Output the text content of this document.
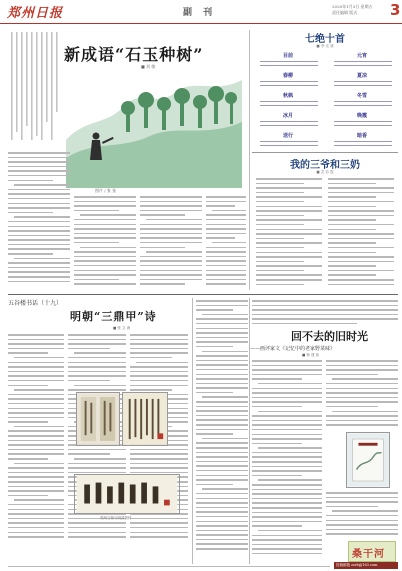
郑州日报	副 刊
2020年1月3日 星期五
责任编辑 版式	3
新成语“石玉种树”
■ 刘 敏
图片 / 张 张
七绝十首
■ 李 光 斌
目前	元宵
春柳	夏凉
秋枫	冬雪
冰月	晚霞
送行	暗香
我的三爷和三奶
■ 武 彩 霞
五谷楼书话（十九）
明朝“三鼎甲”诗
■ 张 文 涛
郑州文物与明清资料
回不去的旧时光
——画评家文《记忆中的老家野菜味》
■ 杨 建 伟
桑干河
投稿邮箱 zzrb@163.com
